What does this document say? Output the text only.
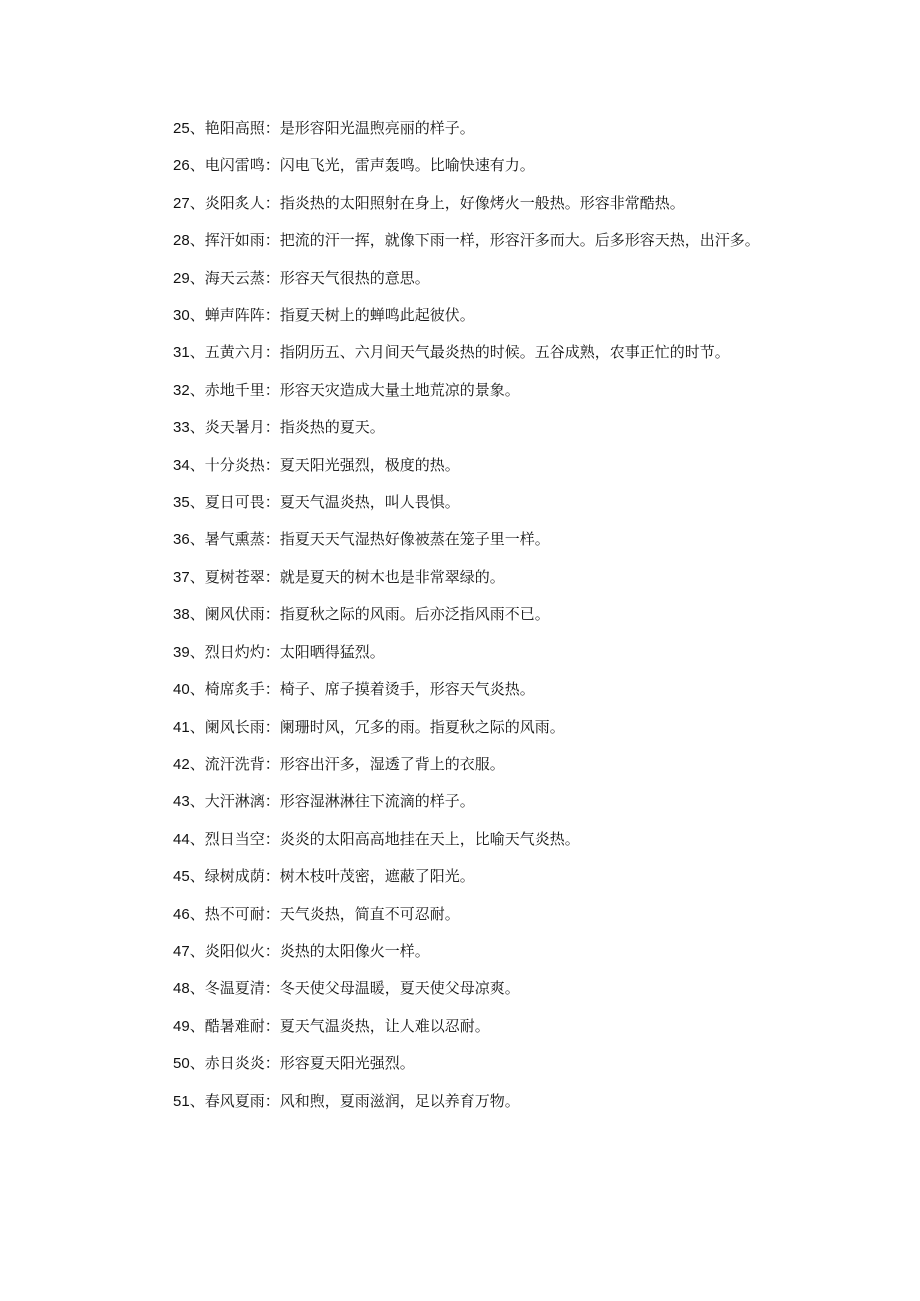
25、艳阳高照：是形容阳光温煦亮丽的样子。

26、电闪雷鸣：闪电飞光，雷声轰鸣。比喻快速有力。

27、炎阳炙人：指炎热的太阳照射在身上，好像烤火一般热。形容非常酷热。

28、挥汗如雨：把流的汗一挥，就像下雨一样，形容汗多而大。后多形容天热，出汗多。

29、海天云蒸：形容天气很热的意思。

30、蝉声阵阵：指夏天树上的蝉鸣此起彼伏。

31、五黄六月：指阴历五、六月间天气最炎热的时候。五谷成熟，农事正忙的时节。

32、赤地千里：形容天灾造成大量土地荒凉的景象。

33、炎天暑月：指炎热的夏天。

34、十分炎热：夏天阳光强烈，极度的热。

35、夏日可畏：夏天气温炎热，叫人畏惧。

36、暑气熏蒸：指夏天天气湿热好像被蒸在笼子里一样。

37、夏树苍翠：就是夏天的树木也是非常翠绿的。

38、阑风伏雨：指夏秋之际的风雨。后亦泛指风雨不已。

39、烈日灼灼：太阳晒得猛烈。

40、椅席炙手：椅子、席子摸着烫手，形容天气炎热。

41、阑风长雨：阑珊时风，冗多的雨。指夏秋之际的风雨。

42、流汗洗背：形容出汗多，湿透了背上的衣服。

43、大汗淋漓：形容湿淋淋往下流滴的样子。

44、烈日当空：炎炎的太阳高高地挂在天上，比喻天气炎热。

45、绿树成荫：树木枝叶茂密，遮蔽了阳光。

46、热不可耐：天气炎热，简直不可忍耐。

47、炎阳似火：炎热的太阳像火一样。

48、冬温夏清：冬天使父母温暖，夏天使父母凉爽。

49、酷暑难耐：夏天气温炎热，让人难以忍耐。

50、赤日炎炎：形容夏天阳光强烈。

51、春风夏雨：风和煦，夏雨滋润，足以养育万物。
